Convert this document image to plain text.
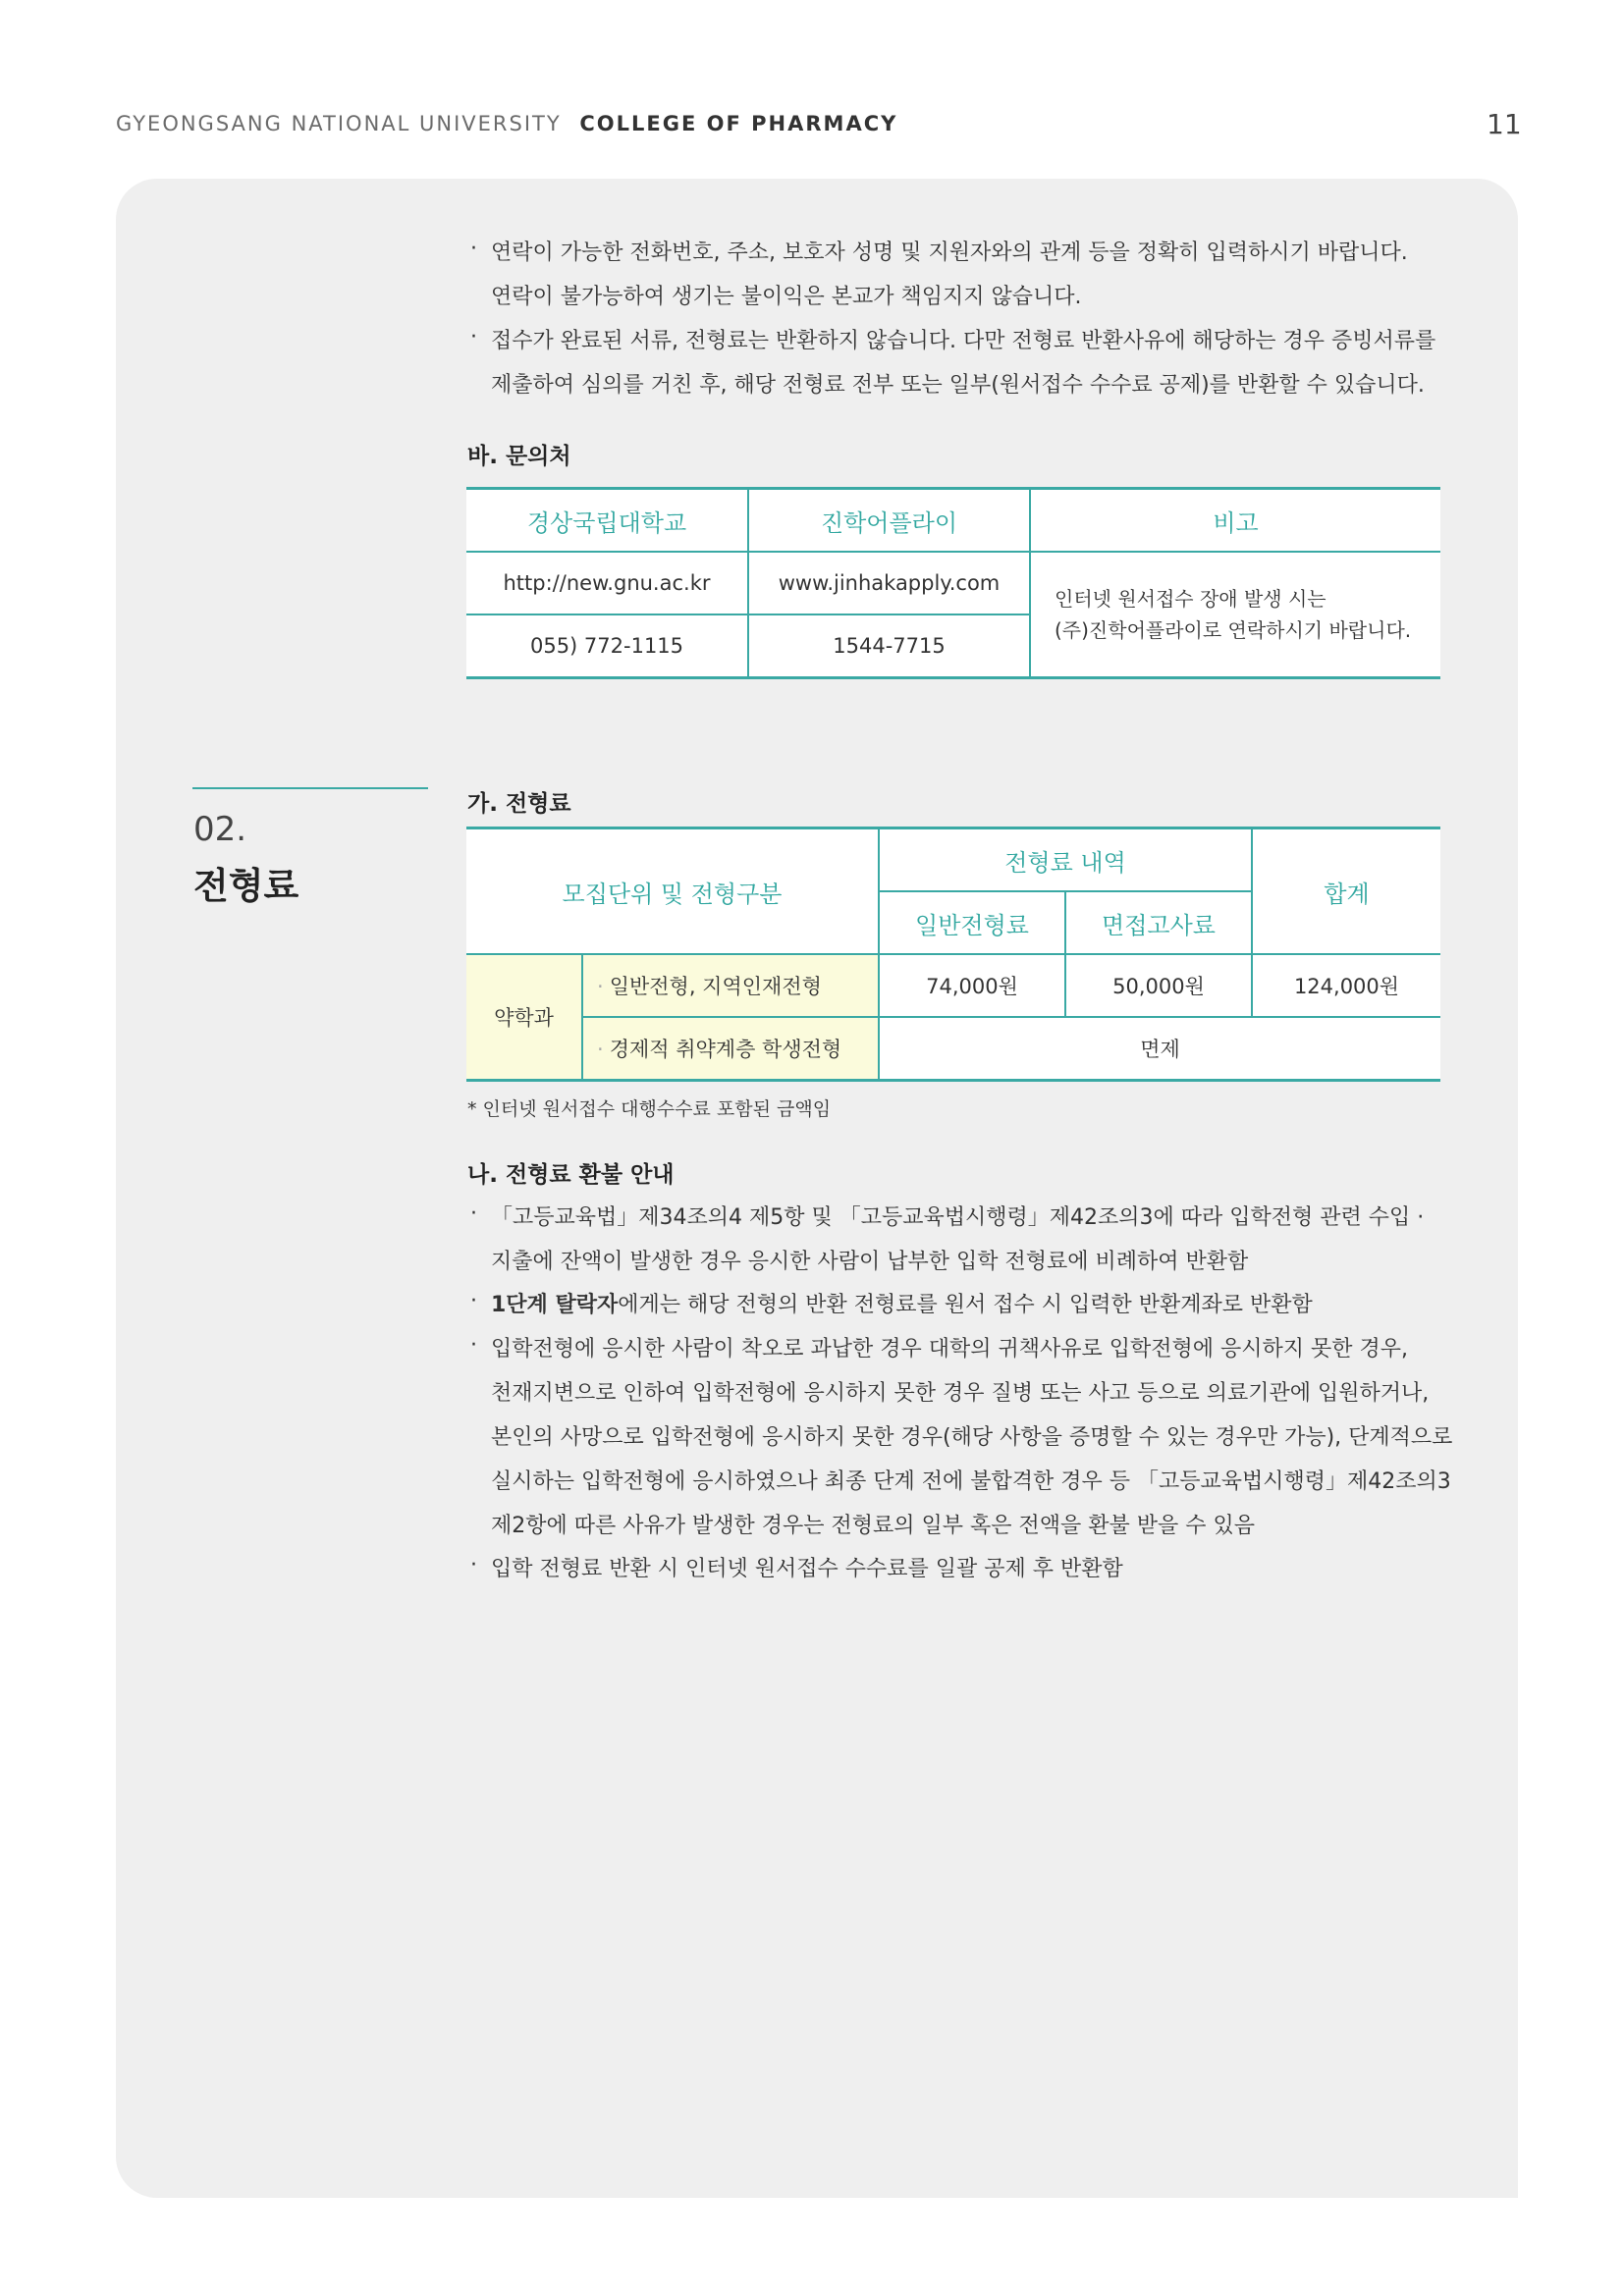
GYEONGSANG NATIONAL UNIVERSITY COLLEGE OF PHARMACY	11
· 연락이 가능한 전화번호, 주소, 보호자 성명 및 지원자와의 관계 등을 정확히 입력하시기 바랍니다.
연락이 불가능하여 생기는 불이익은 본교가 책임지지 않습니다.
· 접수가 완료된 서류, 전형료는 반환하지 않습니다. 다만 전형료 반환사유에 해당하는 경우 증빙서류를
제출하여 심의를 거친 후, 해당 전형료 전부 또는 일부(원서접수 수수료 공제)를 반환할 수 있습니다.
바. 문의처
경상국립대학교	진학어플라이	비고
http://new.gnu.ac.kr	www.jinhakapply.com	인터넷 원서접수 장애 발생 시는
(주)진학어플라이로 연락하시기 바랍니다.

055) 772-1115	1544-7715	
02.
전형료
가. 전형료
모집단위 및 전형구분		전형료 내역		합계
		일반전형료	면접고사료	
약학과	· 일반전형, 지역인재전형	74,000원	50,000원	124,000원
	· 경제적 취약계층 학생전형	면제		
* 인터넷 원서접수 대행수수료 포함된 금액임
나. 전형료 환불 안내
· 「고등교육법」제34조의4 제5항 및 「고등교육법시행령」제42조의3에 따라 입학전형 관련 수입 ·
지출에 잔액이 발생한 경우 응시한 사람이 납부한 입학 전형료에 비례하여 반환함
· 1단계 탈락자에게는 해당 전형의 반환 전형료를 원서 접수 시 입력한 반환계좌로 반환함
· 입학전형에 응시한 사람이 착오로 과납한 경우 대학의 귀책사유로 입학전형에 응시하지 못한 경우,
천재지변으로 인하여 입학전형에 응시하지 못한 경우 질병 또는 사고 등으로 의료기관에 입원하거나,
본인의 사망으로 입학전형에 응시하지 못한 경우(해당 사항을 증명할 수 있는 경우만 가능), 단계적으로
실시하는 입학전형에 응시하였으나 최종 단계 전에 불합격한 경우 등 「고등교육법시행령」제42조의3
제2항에 따른 사유가 발생한 경우는 전형료의 일부 혹은 전액을 환불 받을 수 있음
· 입학 전형료 반환 시 인터넷 원서접수 수수료를 일괄 공제 후 반환함
